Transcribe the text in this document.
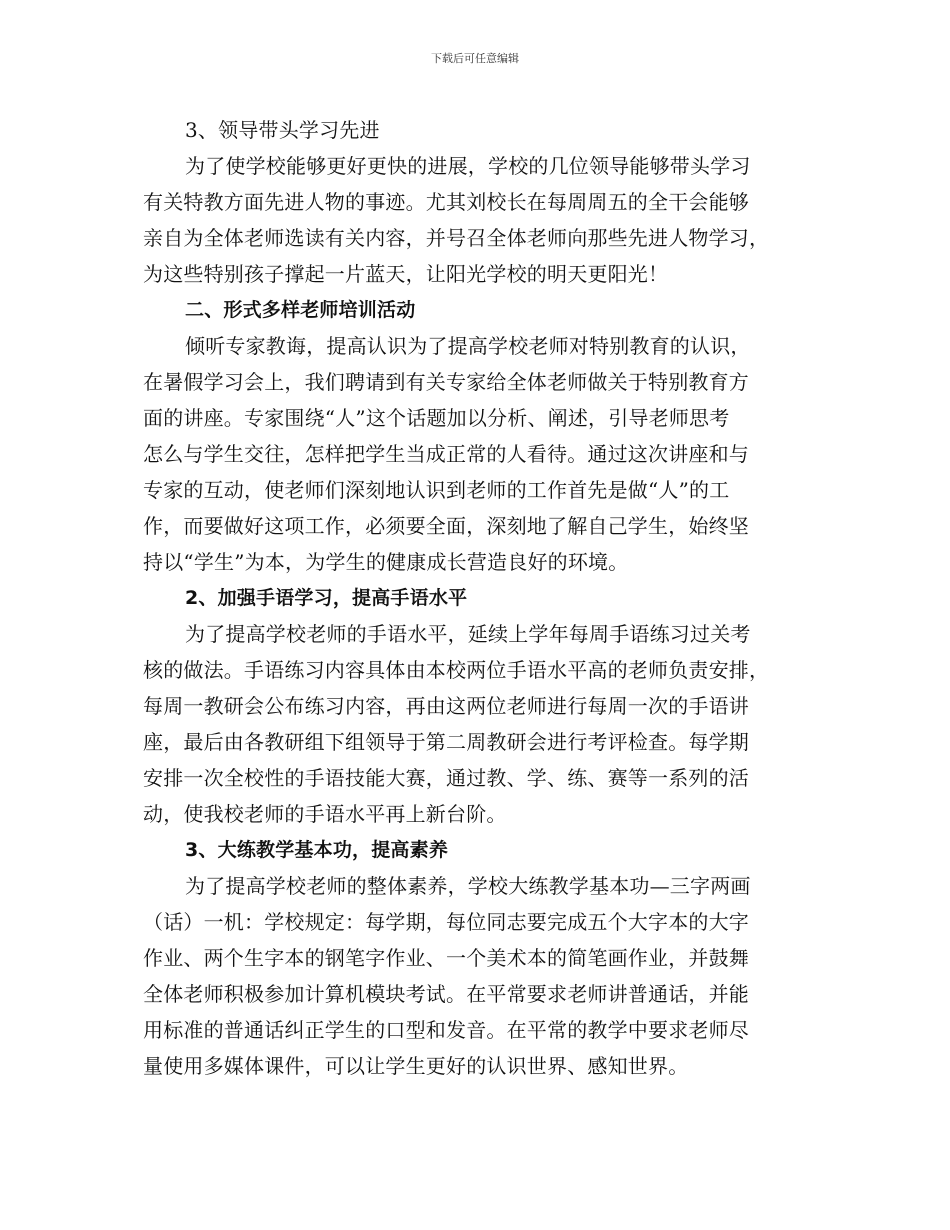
下载后可任意编辑
3、领导带头学习先进
为了使学校能够更好更快的进展，学校的几位领导能够带头学习
有关特教方面先进人物的事迹。尤其刘校长在每周周五的全干会能够
亲自为全体老师选读有关内容，并号召全体老师向那些先进人物学习，
为这些特别孩子撑起一片蓝天，让阳光学校的明天更阳光！
二、形式多样老师培训活动
倾听专家教诲，提高认识为了提高学校老师对特别教育的认识，
在暑假学习会上，我们聘请到有关专家给全体老师做关于特别教育方
面的讲座。专家围绕“人”这个话题加以分析、阐述，引导老师思考
怎么与学生交往，怎样把学生当成正常的人看待。通过这次讲座和与
专家的互动，使老师们深刻地认识到老师的工作首先是做“人”的工
作，而要做好这项工作，必须要全面，深刻地了解自己学生，始终坚
持以“学生”为本，为学生的健康成长营造良好的环境。
2、加强手语学习，提高手语水平
为了提高学校老师的手语水平，延续上学年每周手语练习过关考
核的做法。手语练习内容具体由本校两位手语水平高的老师负责安排，
每周一教研会公布练习内容，再由这两位老师进行每周一次的手语讲
座，最后由各教研组下组领导于第二周教研会进行考评检查。每学期
安排一次全校性的手语技能大赛，通过教、学、练、赛等一系列的活
动，使我校老师的手语水平再上新台阶。
3、大练教学基本功，提高素养
为了提高学校老师的整体素养，学校大练教学基本功—三字两画
（话）一机：学校规定：每学期，每位同志要完成五个大字本的大字
作业、两个生字本的钢笔字作业、一个美术本的简笔画作业，并鼓舞
全体老师积极参加计算机模块考试。在平常要求老师讲普通话，并能
用标准的普通话纠正学生的口型和发音。在平常的教学中要求老师尽
量使用多媒体课件，可以让学生更好的认识世界、感知世界。
